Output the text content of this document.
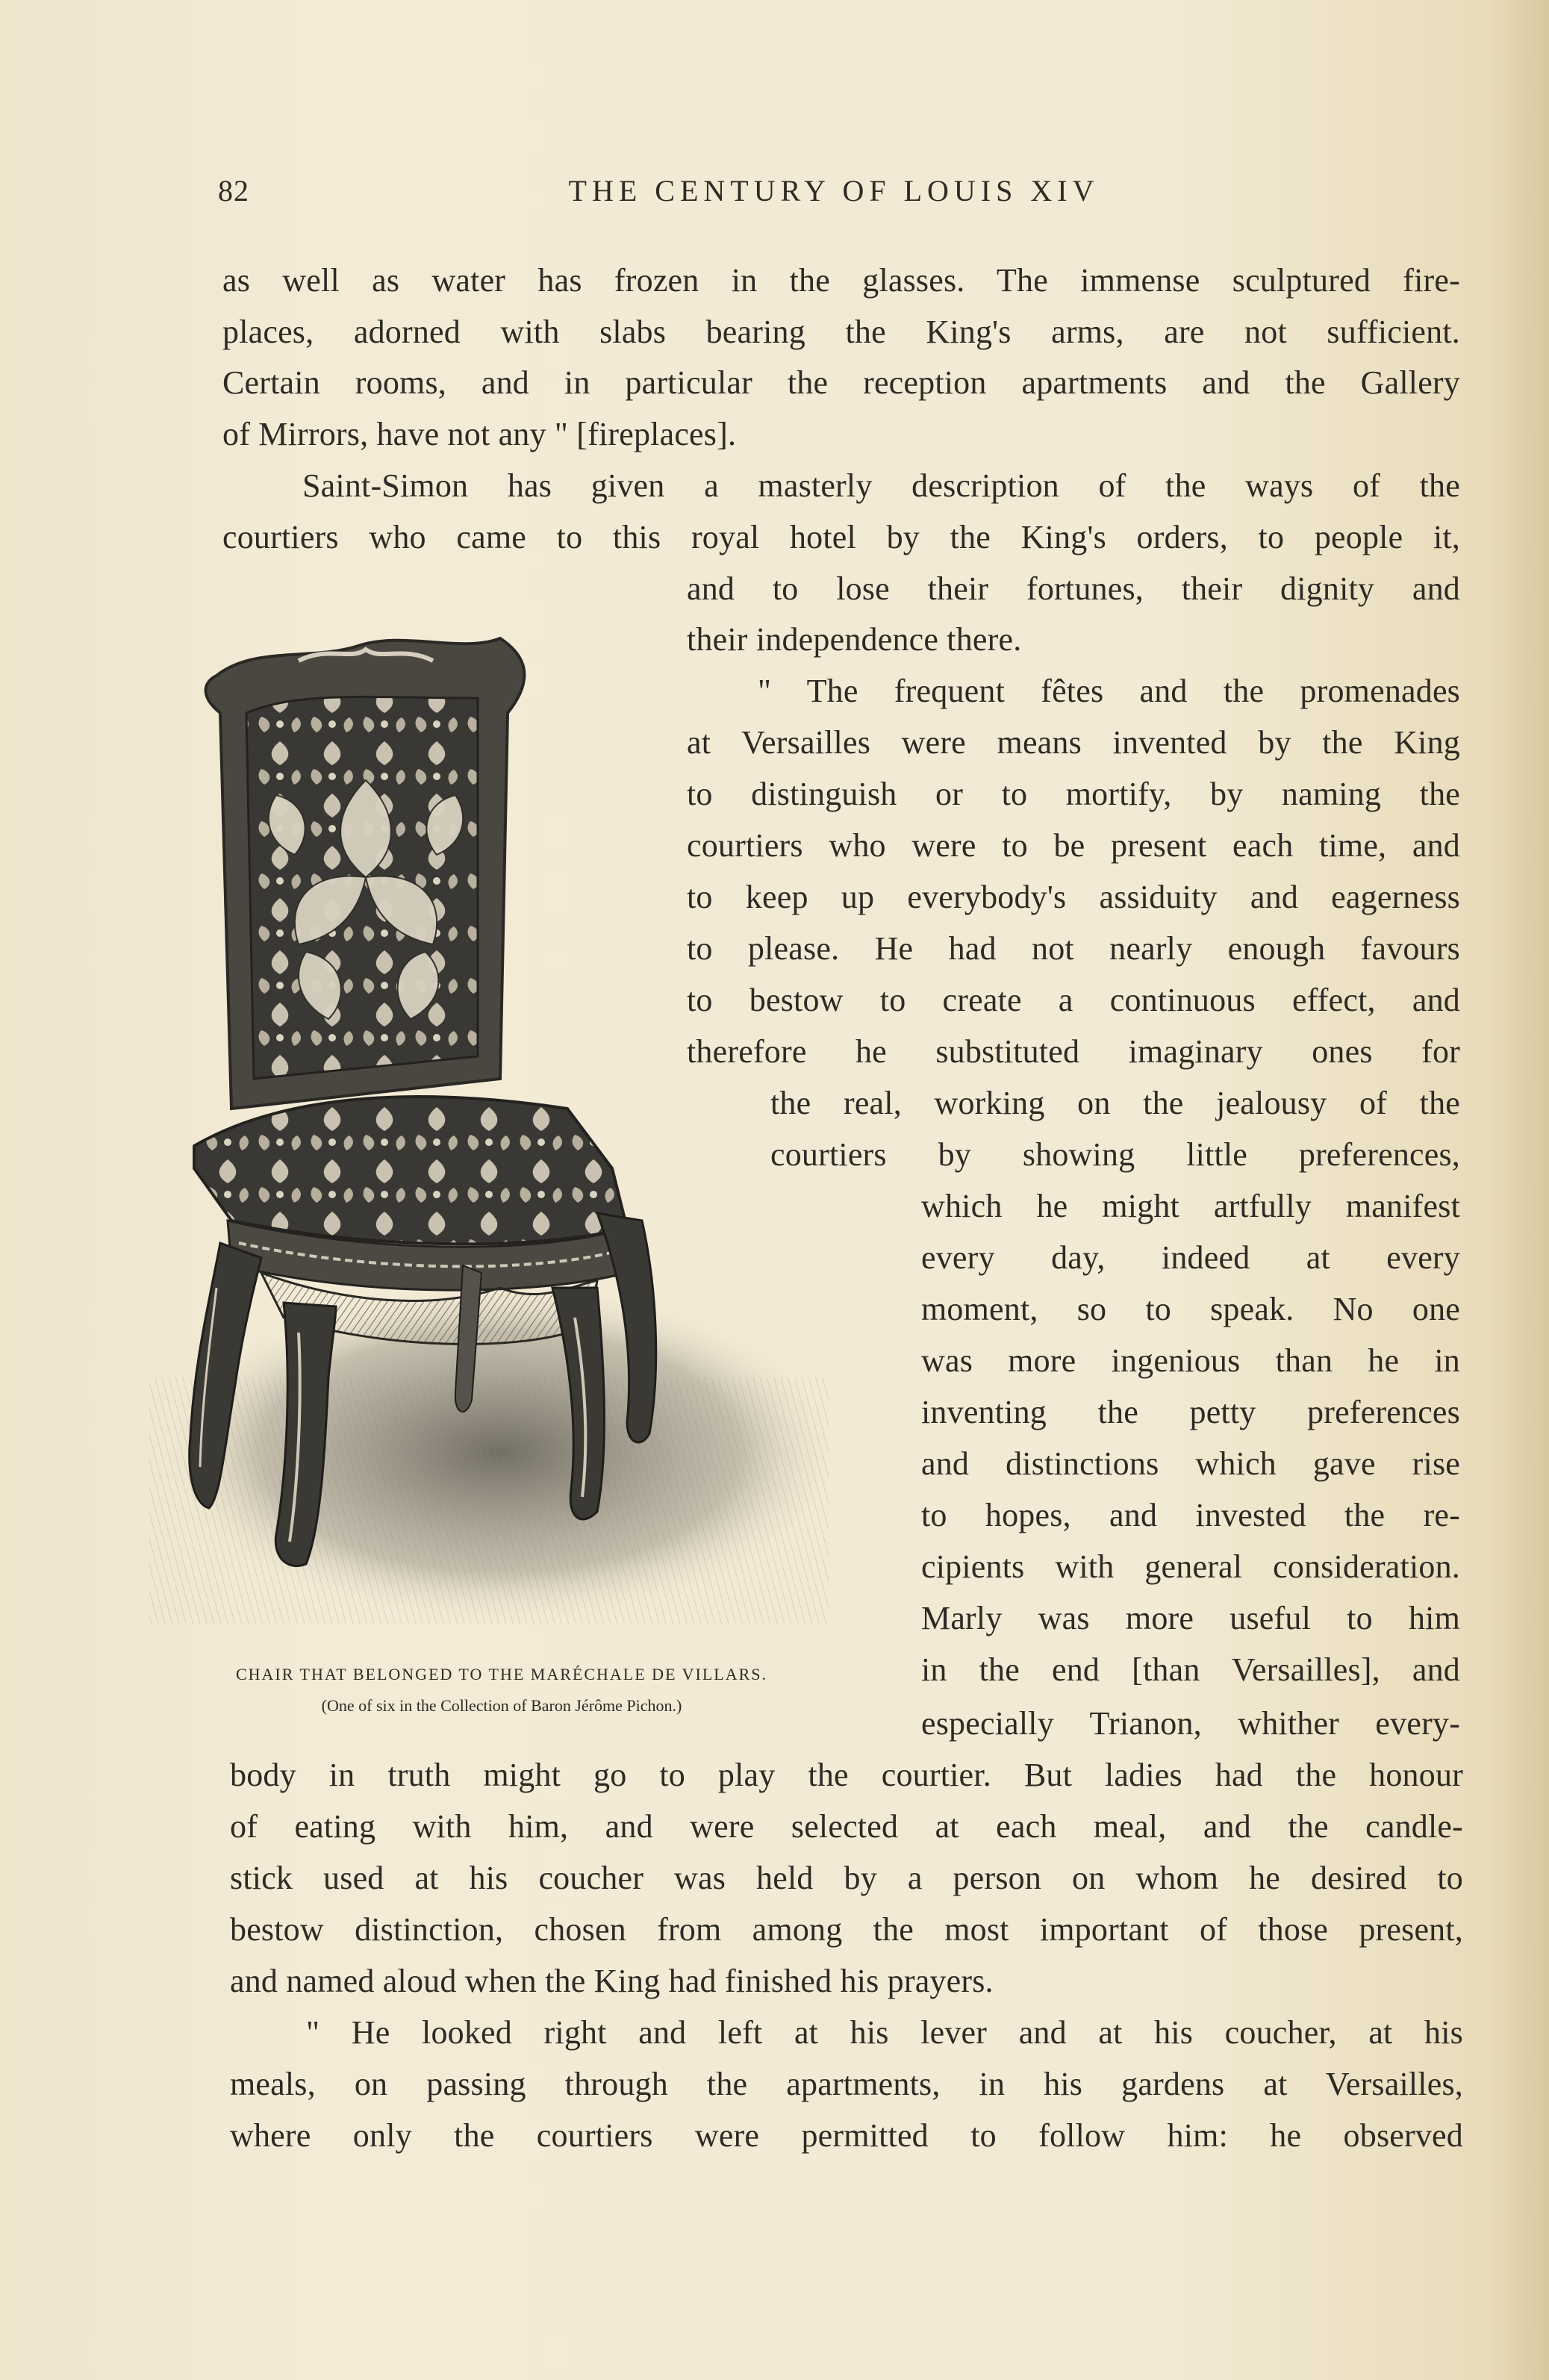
82	THE CENTURY OF LOUIS XIV

as well as water has frozen in the glasses. The immense sculptured fire-

places, adorned with slabs bearing the King's arms, are not sufficient.

Certain rooms, and in particular the reception apartments and the Gallery

of Mirrors, have not any " [fireplaces].

Saint-Simon has given a masterly description of the ways of the

courtiers who came to this royal hotel by the King's orders, to people it,

and to lose their fortunes, their dignity and

their independence there.

" The frequent fêtes and the promenades

at Versailles were means invented by the King

to distinguish or to mortify, by naming the

courtiers who were to be present each time, and

to keep up everybody's assiduity and eagerness

to please. He had not nearly enough favours

to bestow to create a continuous effect, and

therefore he substituted imaginary ones for

the real, working on the jealousy of the

courtiers by showing little preferences,

which he might artfully manifest

every day, indeed at every

moment, so to speak. No one

was more ingenious than he in

inventing the petty preferences

and distinctions which gave rise

to hopes, and invested the re-

cipients with general consideration.

Marly was more useful to him

in the end [than Versailles], and

especially Trianon, whither every-

body in truth might go to play the courtier. But ladies had the honour

of eating with him, and were selected at each meal, and the candle-

stick used at his coucher was held by a person on whom he desired to

bestow distinction, chosen from among the most important of those present,

and named aloud when the King had finished his prayers.

" He looked right and left at his lever and at his coucher, at his

meals, on passing through the apartments, in his gardens at Versailles,

where only the courtiers were permitted to follow him: he observed

CHAIR THAT BELONGED TO THE MARÉCHALE DE VILLARS.
(One of six in the Collection of Baron Jérôme Pichon.)
